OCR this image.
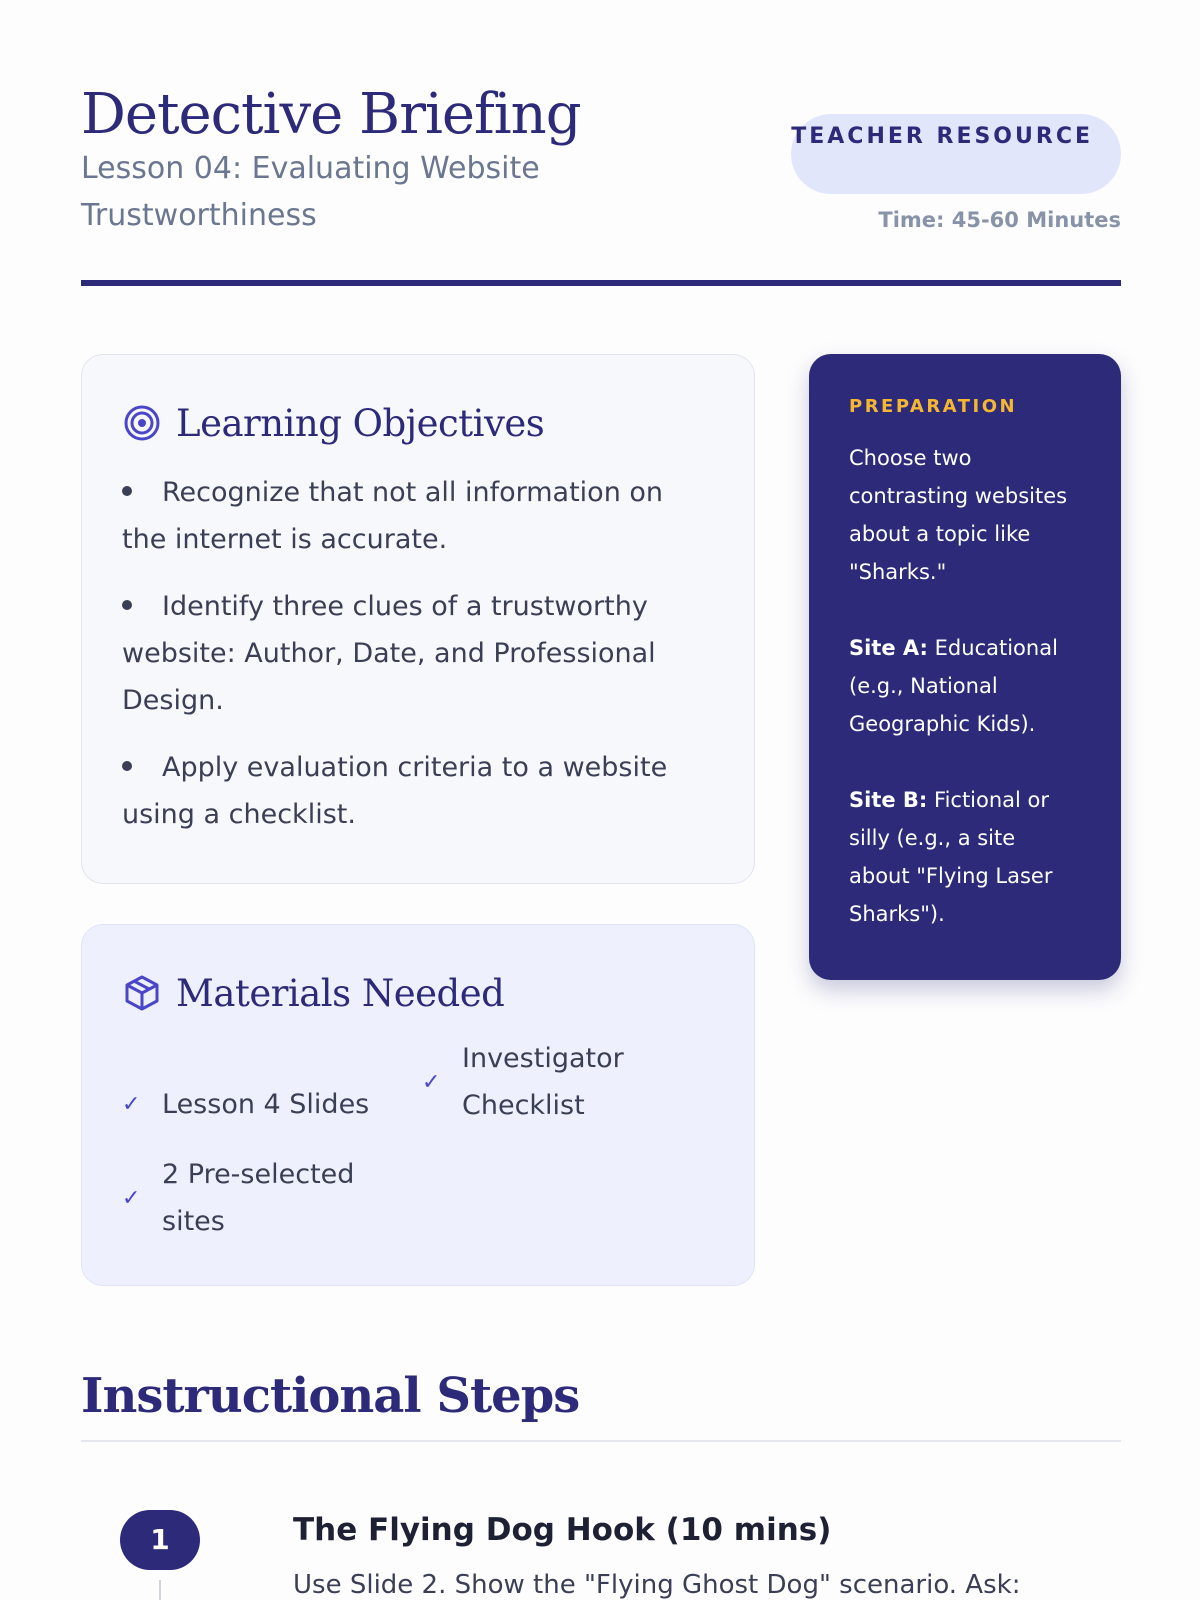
Detective Briefing
Lesson 04: Evaluating Website Trustworthiness
TEACHER RESOURCE
Time: 45-60 Minutes
Learning Objectives
Recognize that not all information on the internet is accurate.
Identify three clues of a trustworthy website: Author, Date, and Professional Design.
Apply evaluation criteria to a website using a checklist.
Materials Needed
✓ Lesson 4 Slides
✓
Investigator Checklist
✓
2 Pre-selected sites
PREPARATION
Choose two contrasting websites about a topic like "Sharks."
Site A: Educational (e.g., National Geographic Kids).
Site B: Fictional or silly (e.g., a site about "Flying Laser Sharks").
Instructional Steps
1	The Flying Dog Hook (10 mins)
Use Slide 2. Show the "Flying Ghost Dog" scenario. Ask:
